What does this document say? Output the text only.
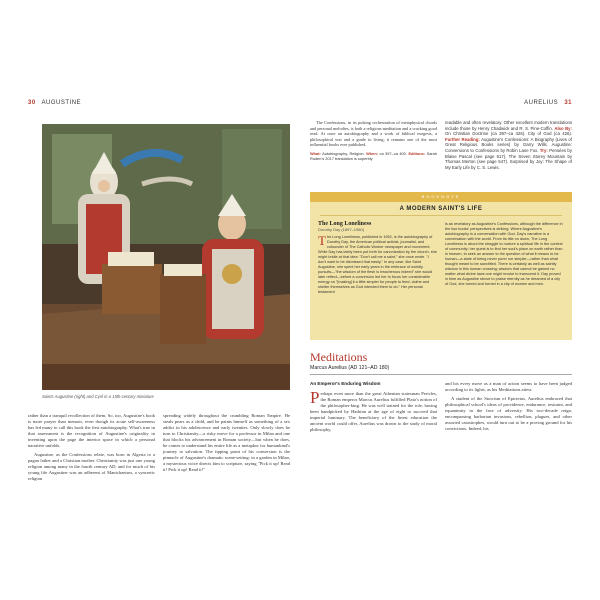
30 AUGUSTINE
Saints Augustine (right) and Cyril in a 15th-century miniature

rather than a tranquil recollection of them. So, too, Augustine's book is more prayer than memoir, even though its acute self-awareness has led many to call this book the first autobiography. What's true in that assessment is the recognition of Augustine's originality in inventing upon the page the interior space in which a personal narrative unfolds.

Augustine, as the Confessions relate, was born in Algeria to a pagan father and a Christian mother. Christianity was just one young religion among many in the fourth century AD, and for much of his young life Augustine was an adherent of Manichaeism, a syncretic religion

spreading widely throughout the crumbling Roman Empire. He steals pears as a child, and he paints himself as something of a sex addict in his adolescence and early twenties. Only slowly does he turn to Christianity—a risky move for a professor in Milan and one that blocks his advancement in Roman society—but when he does, he comes to understand his entire life as a metaphor for humankind's journey to salvation. The tipping point of his conversion is the pinnacle of Augustine's dramatic scene-setting: in a garden in Milan, a mysterious voice directs him to scripture, saying "Pick it up! Read it! Pick it up! Read it!"

AURELIUS 31

The Confessions, in its pulsing orchestration of metaphysical chords and personal melodies, is both a religious meditation and a cracking good read. At once an autobiography and a work of biblical exegesis, a philosophical text and a guide to living, it remains one of the most influential books ever published.

What: Autobiography, Religion. When: ca 397–ca 400. Editions: Sarah Ruden's 2017 translation is superbly
readable and often revelatory. Other excellent modern translations include those by Henry Chadwick and R. S. Pine-Coffin. Also By: On Christian Doctrine (ca 397–ca 426). City of God (ca 426). Further Reading: Augustine's Confessions: A Biography (Lives of Great Religious Books series) by Garry Wills. Augustine: Conversions to Confessions by Robin Lane Fox. Try: Pensées by Blaise Pascal (see page 617). The Seven Storey Mountain by Thomas Merton (see page 547). Surprised by Joy: The Shape of My Early Life by C. S. Lewis.
BOOKNOTE
A MODERN SAINT'S LIFE
The Long Loneliness
Dorothy Day (1897–1980)
T he Long Loneliness, published in 1952, is the autobiography of Dorothy Day, the American political activist, journalist, and cofounder of The Catholic Worker newspaper and movement. While Day has lately been put forth for canonization by the church, she might bridle at that idea: "Don't call me a saint," she once wrote. "I don't want to be dismissed that easily." In any case, like Saint Augustine, she spent her early years in the embrace of worldly pursuits—"the wisdom of the flesh is treacherous indeed" she would later reflect—before a conversion led her to focus her considerable energy on "[making] it a little simpler for people to feed, clothe and shelter themselves as God intended them to do." Her personal testament
is as revelatory as Augustine's Confessions, although the difference in the two books' perspectives is striking. Where Augustine's autobiography is a conversation with God, Day's narrative is a conversation with the world. From its title on down, The Long Loneliness is about the struggle to nurture a spiritual life in the context of community; her quest is to find her soul's place on earth rather than in heaven, to seek an answer to the question of what it means to be human—a state of being never purer nor simpler—rather than what thought meant to be sanctified. There is certainly as well as saintly wisdom in this human crossing; wisdom that cannot be gained no matter what divine laws one might invoke to transcend it. Day proved in time as Augustine strove to praise eternity as he dreamed of a city of God, she turned and turned in a city of women and men.
Meditations
Marcus Aurelius (AD 121–AD 180)
An Emperor's Enduring Wisdom
P erhaps even more than the great Athenian statesman Pericles, the Roman emperor Marcus Aurelius fulfilled Plato's notion of the philosopher-king. He was well trained for the role, having been handpicked by Hadrian at the age of eight to succeed that imperial luminary. The beneficiary of the finest education the ancient world could offer, Aurelius was drawn to the study of moral philosophy,

and his every move as a man of action seems to have been judged according to its lights, as his Meditations attest.

A student of the Stoicism of Epictetus, Aurelius embraced that philosophical school's ideas of providence, endurance, restraint, and equanimity in the face of adversity. His two-decade reign, encompassing barbarian invasions, rebellion, plagues, and other assorted catastrophes, would turn out to be a proving ground for his convictions. Indeed, his
